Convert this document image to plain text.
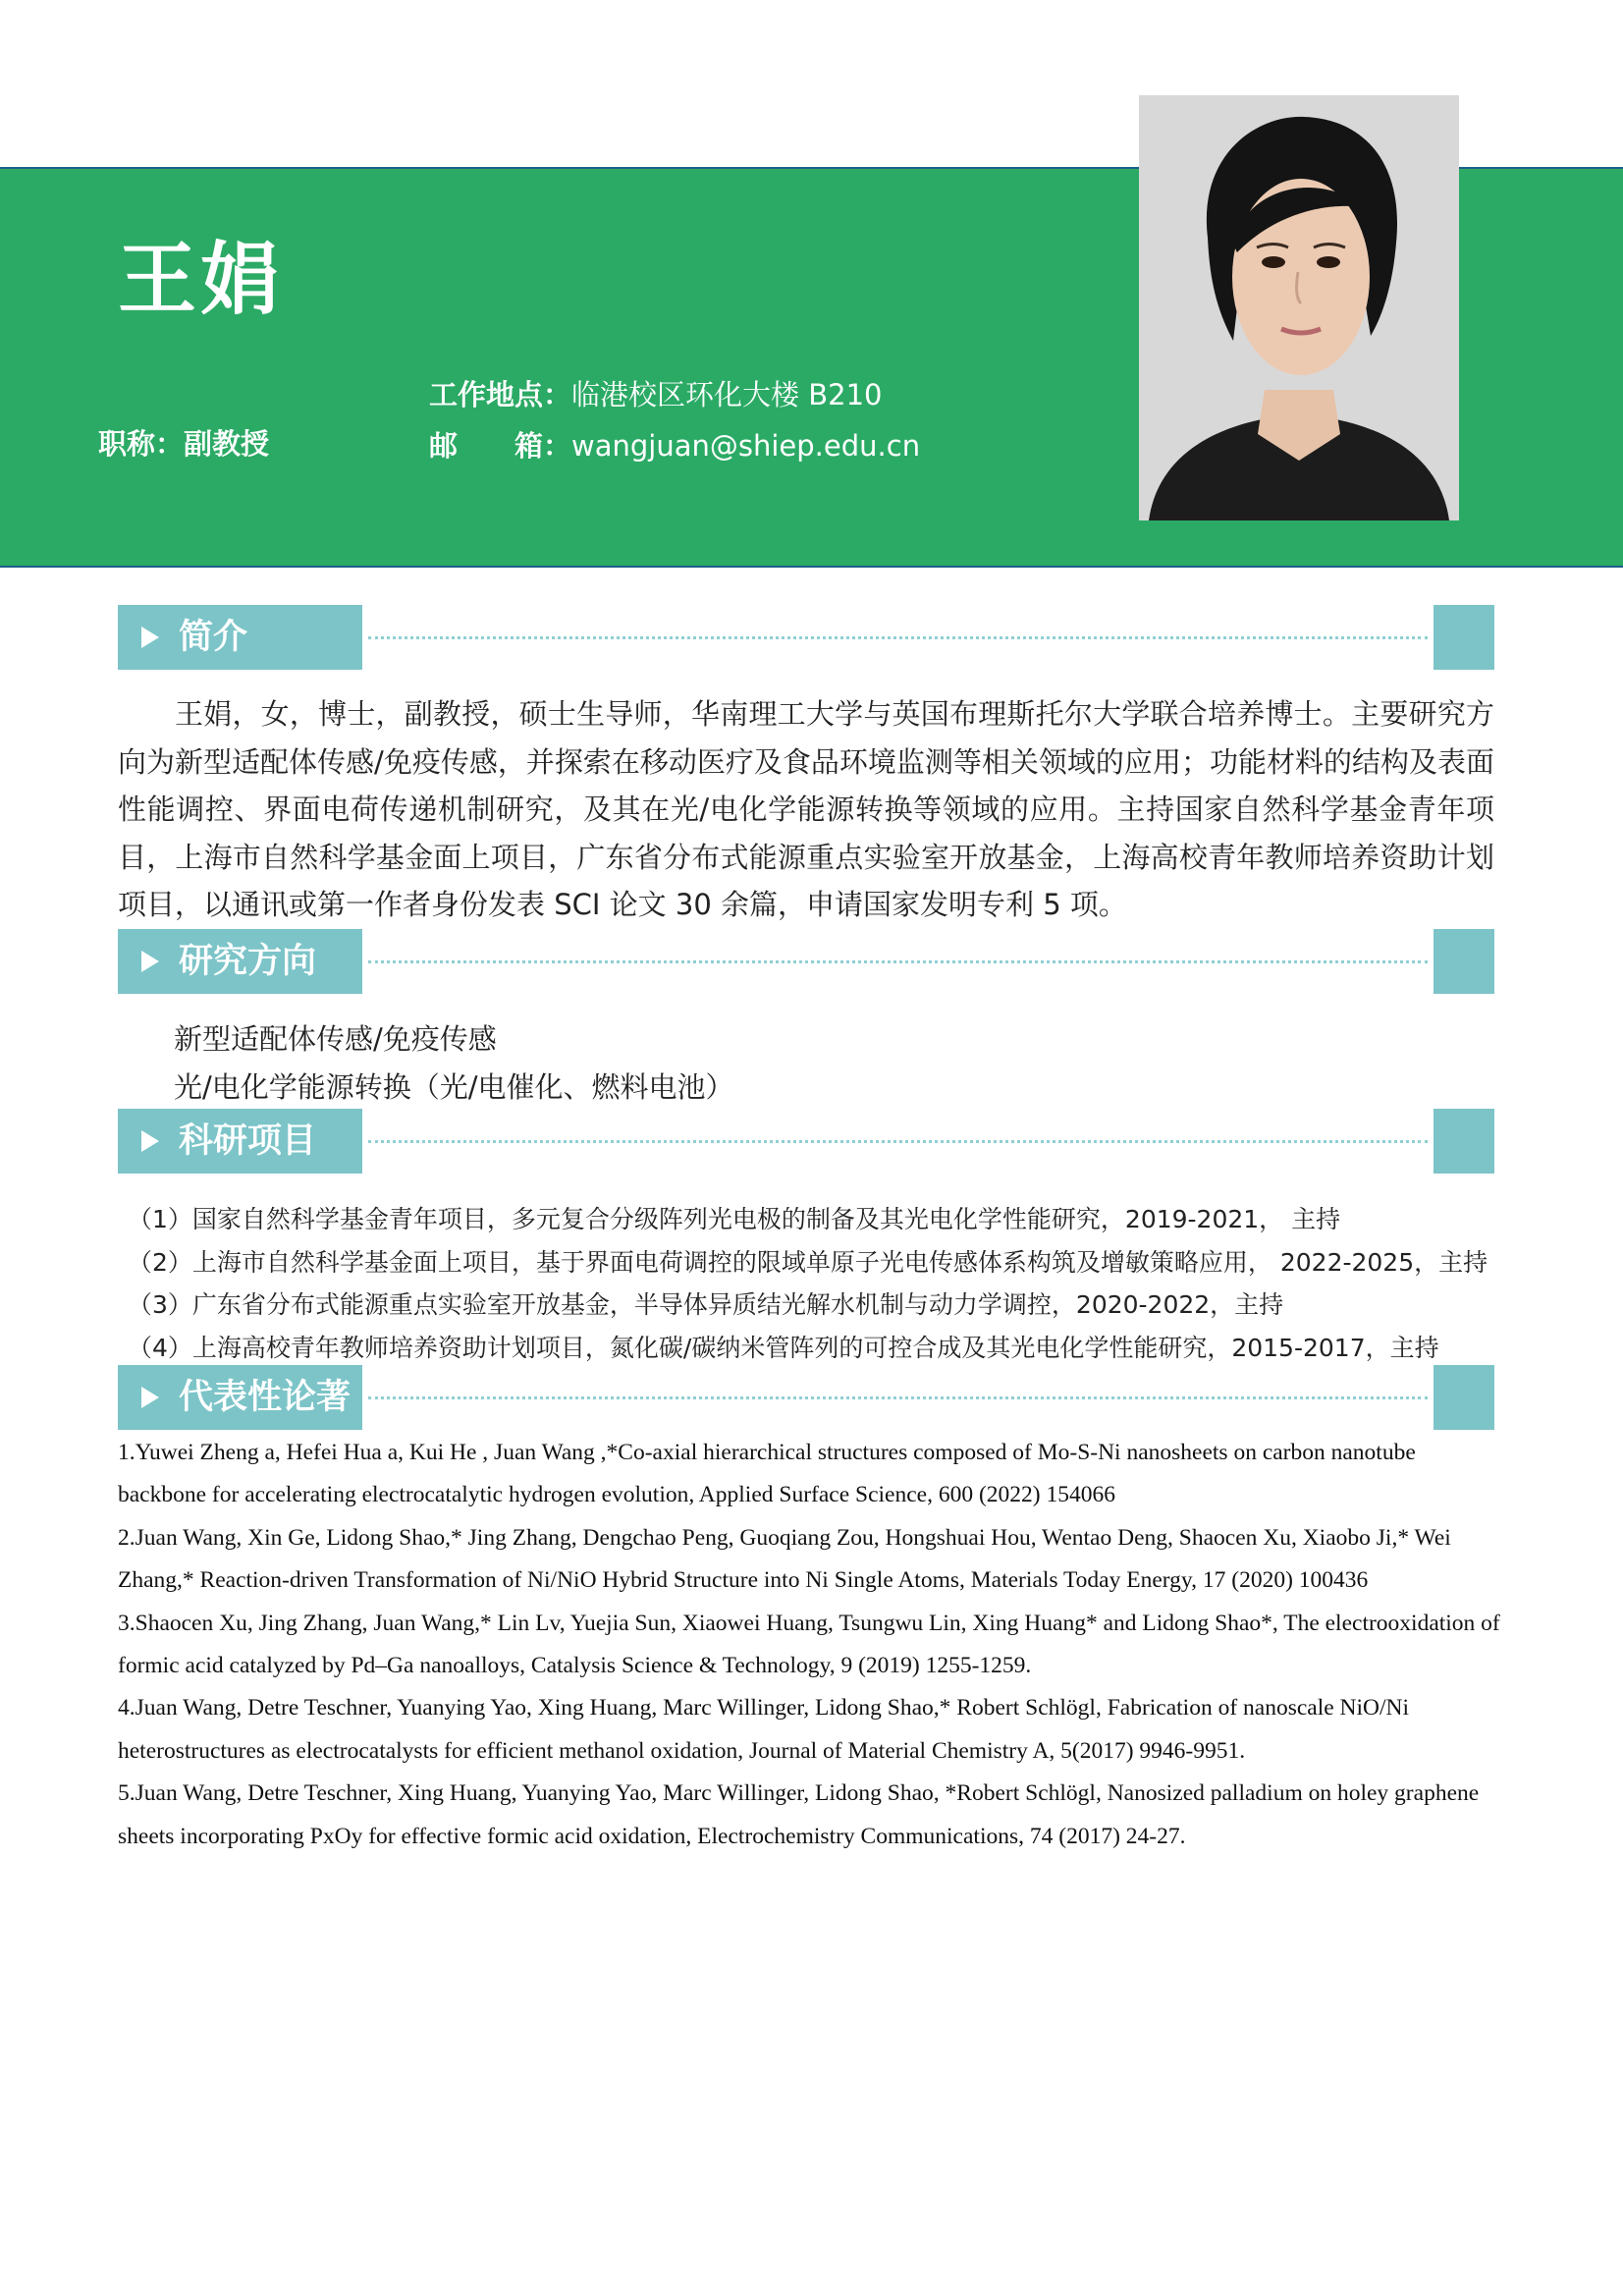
王娟
工作地点：临港校区环化大楼 B210
职称：副教授	邮　　箱：wangjuan@shiep.edu.cn
简介
王娟，女，博士，副教授，硕士生导师，华南理工大学与英国布理斯托尔大学联合培养博士。主要研究方向为新型适配体传感/免疫传感，并探索在移动医疗及食品环境监测等相关领域的应用；功能材料的结构及表面性能调控、界面电荷传递机制研究，及其在光/电化学能源转换等领域的应用。主持国家自然科学基金青年项目，上海市自然科学基金面上项目，广东省分布式能源重点实验室开放基金，上海高校青年教师培养资助计划项目，以通讯或第一作者身份发表 SCI 论文 30 余篇，申请国家发明专利 5 项。
研究方向
新型适配体传感/免疫传感
光/电化学能源转换（光/电催化、燃料电池）
科研项目
（1）国家自然科学基金青年项目，多元复合分级阵列光电极的制备及其光电化学性能研究，2019-2021， 主持
（2）上海市自然科学基金面上项目，基于界面电荷调控的限域单原子光电传感体系构筑及增敏策略应用， 2022-2025，主持
（3）广东省分布式能源重点实验室开放基金，半导体异质结光解水机制与动力学调控，2020-2022，主持
（4）上海高校青年教师培养资助计划项目，氮化碳/碳纳米管阵列的可控合成及其光电化学性能研究，2015-2017，主持
代表性论著

1.Yuwei Zheng a, Hefei Hua a, Kui He , Juan Wang ,*Co-axial hierarchical structures composed of Mo-S-Ni nanosheets on carbon nanotube backbone for accelerating electrocatalytic hydrogen evolution, Applied Surface Science, 600 (2022) 154066

2.Juan Wang, Xin Ge, Lidong Shao,* Jing Zhang, Dengchao Peng, Guoqiang Zou, Hongshuai Hou, Wentao Deng, Shaocen Xu, Xiaobo Ji,* Wei Zhang,* Reaction-driven Transformation of Ni/NiO Hybrid Structure into Ni Single Atoms, Materials Today Energy, 17 (2020) 100436

3.Shaocen Xu, Jing Zhang, Juan Wang,* Lin Lv, Yuejia Sun, Xiaowei Huang, Tsungwu Lin, Xing Huang* and Lidong Shao*, The electrooxidation of formic acid catalyzed by Pd–Ga nanoalloys, Catalysis Science & Technology, 9 (2019) 1255-1259.

4.Juan Wang, Detre Teschner, Yuanying Yao, Xing Huang, Marc Willinger, Lidong Shao,* Robert Schlögl, Fabrication of nanoscale NiO/Ni heterostructures as electrocatalysts for efficient methanol oxidation, Journal of Material Chemistry A, 5(2017) 9946-9951.

5.Juan Wang, Detre Teschner, Xing Huang, Yuanying Yao, Marc Willinger, Lidong Shao, *Robert Schlögl, Nanosized palladium on holey graphene sheets incorporating PxOy for effective formic acid oxidation, Electrochemistry Communications, 74 (2017) 24-27.
